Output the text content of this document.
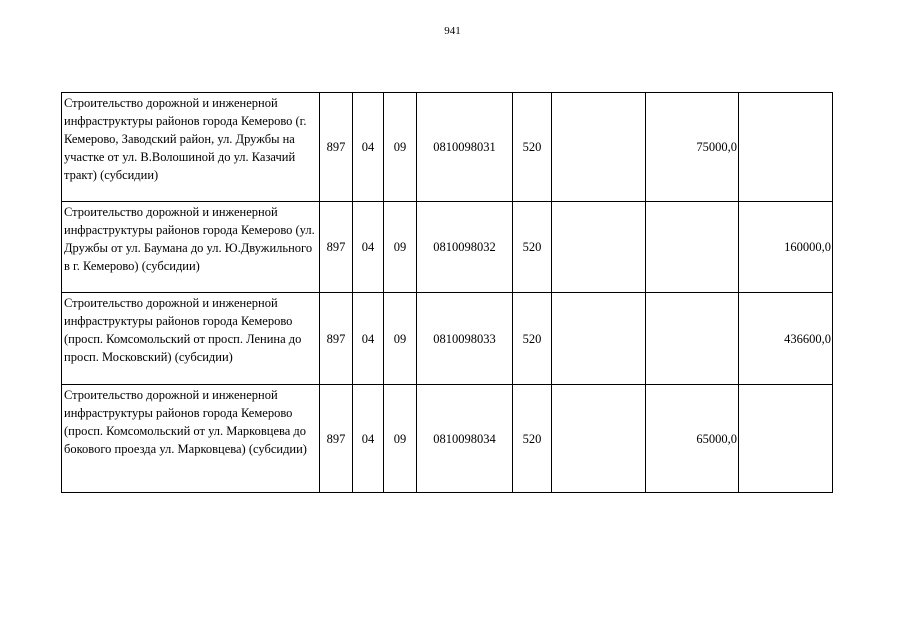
941
Строительство дорожной и инженерной инфраструктуры районов города Кемерово (г. Кемерово, Заводский район, ул. Дружбы на участке от ул. В.Волошиной до ул. Казачий тракт) (субсидии)	897	04	09	0810098031	520		75000,0	
Строительство дорожной и инженерной инфраструктуры районов города Кемерово (ул. Дружбы от ул. Баумана до ул. Ю.Двужильного в г. Кемерово) (субсидии)	897	04	09	0810098032	520			160000,0
Строительство дорожной и инженерной инфраструктуры районов города Кемерово (просп. Комсомольский от просп. Ленина до просп. Московский) (субсидии)	897	04	09	0810098033	520			436600,0
Строительство дорожной и инженерной инфраструктуры районов города Кемерово (просп. Комсомольский от ул. Марковцева до бокового проезда ул. Марковцева) (субсидии)	897	04	09	0810098034	520		65000,0	
